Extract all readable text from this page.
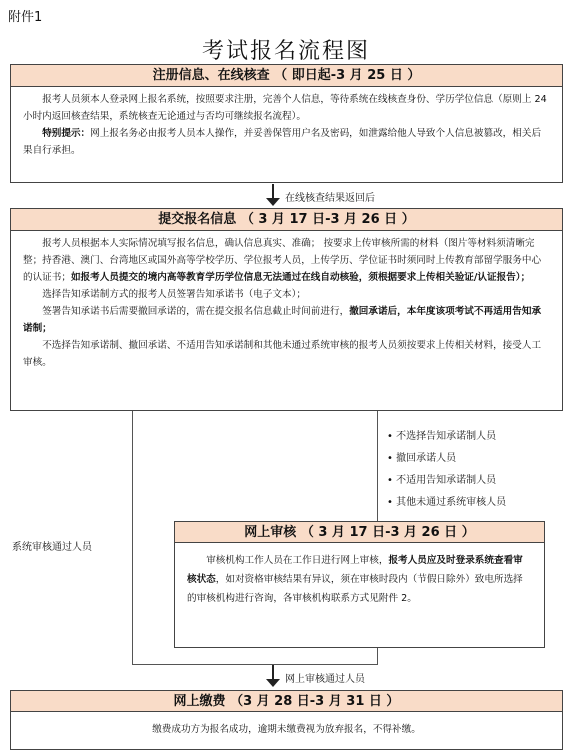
附件1
考试报名流程图
注册信息、在线核查 （ 即日起-3 月 25 日 ）

报考人员须本人登录网上报名系统，按照要求注册，完善个人信息，等待系统在线核查身份、学历学位信息（原则上 24 小时内返回核查结果，系统核查无论通过与否均可继续报名流程）。

特别提示：网上报名务必由报考人员本人操作，并妥善保管用户名及密码，如泄露给他人导致个人信息被篡改，相关后果自行承担。

在线核查结果返回后
提交报名信息 （ 3 月 17 日-3 月 26 日 ）

报考人员根据本人实际情况填写报名信息，确认信息真实、准确； 按要求上传审核所需的材料（图片等材料须清晰完整；持香港、澳门、台湾地区或国外高等学校学历、学位报考人员，上传学历、学位证书时须同时上传教育部留学服务中心的认证书；如报考人员提交的境内高等教育学历学位信息无法通过在线自动核验，须根据要求上传相关验证/认证报告）；

选择告知承诺制方式的报考人员签署告知承诺书（电子文本）；

签署告知承诺书后需要撤回承诺的，需在提交报名信息截止时间前进行，撤回承诺后，本年度该项考试不再适用告知承诺制；

不选择告知承诺制、撤回承诺、不适用告知承诺制和其他未通过系统审核的报考人员须按要求上传相关材料，接受人工审核。

• 不选择告知承诺制人员
• 撤回承诺人员
• 不适用告知承诺制人员
• 其他未通过系统审核人员
系统审核通过人员
网上审核 （ 3 月 17 日-3 月 26 日 ）

审核机构工作人员在工作日进行网上审核，报考人员应及时登录系统查看审核状态，如对资格审核结果有异议，须在审核时段内（节假日除外）致电所选择的审核机构进行咨询，各审核机构联系方式见附件 2。

网上审核通过人员
网上缴费 （3 月 28 日-3 月 31 日 ）

缴费成功方为报名成功，逾期未缴费视为放弃报名，不得补缴。
